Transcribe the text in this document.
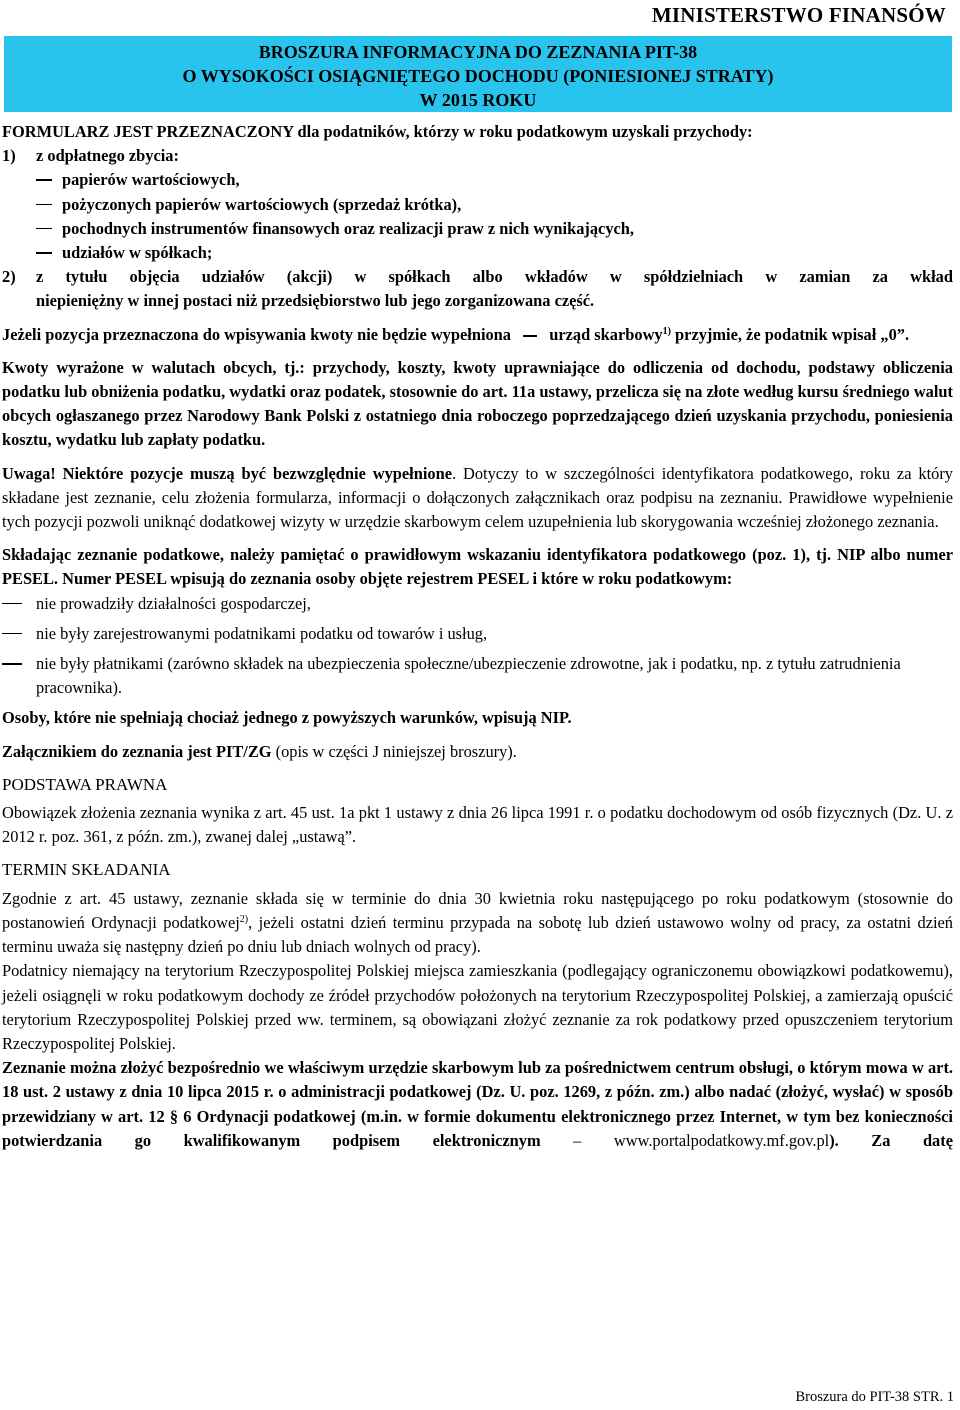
MINISTERSTWO FINANSÓW
BROSZURA INFORMACYJNA DO ZEZNANIA PIT-38
O WYSOKOŚCI OSIĄGNIĘTEGO DOCHODU (PONIESIONEJ STRATY)
W 2015 ROKU

FORMULARZ JEST PRZEZNACZONY dla podatników, którzy w roku podatkowym uzyskali przychody:

1)	z odpłatnego zbycia:
papierów wartościowych,
pożyczonych papierów wartościowych (sprzedaż krótka),
pochodnych instrumentów finansowych oraz realizacji praw z nich wynikających,
udziałów w spółkach;
2)	z tytułu objęcia udziałów (akcji) w spółkach albo wkładów w spółdzielniach w zamian za wkład
niepieniężny w innej postaci niż przedsiębiorstwo lub jego zorganizowana część.

Jeżeli pozycja przeznaczona do wpisywania kwoty nie będzie wypełniona urząd skarbowy$^{1)}$ przyjmie, że podatnik wpisał „0”.

Kwoty wyrażone w walutach obcych, tj.: przychody, koszty, kwoty uprawniające do odliczenia od dochodu, podstawy obliczenia podatku lub obniżenia podatku, wydatki oraz podatek, stosownie do art. 11a ustawy, przelicza się na złote według kursu średniego walut obcych ogłaszanego przez Narodowy Bank Polski z ostatniego dnia roboczego poprzedzającego dzień uzyskania przychodu, poniesienia kosztu, wydatku lub zapłaty podatku.

Uwaga! Niektóre pozycje muszą być bezwzględnie wypełnione. Dotyczy to w szczególności identyfikatora podatkowego, roku za który składane jest zeznanie, celu złożenia formularza, informacji o dołączonych załącznikach oraz podpisu na zeznaniu. Prawidłowe wypełnienie tych pozycji pozwoli uniknąć dodatkowej wizyty w urzędzie skarbowym celem uzupełnienia lub skorygowania wcześniej złożonego zeznania.

Składając zeznanie podatkowe, należy pamiętać o prawidłowym wskazaniu identyfikatora podatkowego (poz. 1), tj. NIP albo numer PESEL. Numer PESEL wpisują do zeznania osoby objęte rejestrem PESEL i które w roku podatkowym:

nie prowadziły działalności gospodarczej,
nie były zarejestrowanymi podatnikami podatku od towarów i usług,
nie były płatnikami (zarówno składek na ubezpieczenia społeczne/ubezpieczenie zdrowotne, jak i podatku, np. z tytułu zatrudnienia pracownika).

Osoby, które nie spełniają chociaż jednego z powyższych warunków, wpisują NIP.

Załącznikiem do zeznania jest PIT/ZG (opis w części J niniejszej broszury).

PODSTAWA PRAWNA

Obowiązek złożenia zeznania wynika z art. 45 ust. 1a pkt 1 ustawy z dnia 26 lipca 1991 r. o podatku dochodowym od osób fizycznych (Dz. U. z 2012 r. poz. 361, z późn. zm.), zwanej dalej „ustawą”.

TERMIN SKŁADANIA

Zgodnie z art. 45 ustawy, zeznanie składa się w terminie do dnia 30 kwietnia roku następującego po roku podatkowym (stosownie do postanowień Ordynacji podatkowej$^{2)}$, jeżeli ostatni dzień terminu przypada na sobotę lub dzień ustawowo wolny od pracy, za ostatni dzień terminu uważa się następny dzień po dniu lub dniach wolnych od pracy).

Podatnicy niemający na terytorium Rzeczypospolitej Polskiej miejsca zamieszkania (podlegający ograniczonemu obowiązkowi podatkowemu), jeżeli osiągnęli w roku podatkowym dochody ze źródeł przychodów położonych na terytorium Rzeczypospolitej Polskiej, a zamierzają opuścić terytorium Rzeczypospolitej Polskiej przed ww. terminem, są obowiązani złożyć zeznanie za rok podatkowy przed opuszczeniem terytorium Rzeczypospolitej Polskiej.

Zeznanie można złożyć bezpośrednio we właściwym urzędzie skarbowym lub za pośrednictwem centrum obsługi, o którym mowa w art. 18 ust. 2 ustawy z dnia 10 lipca 2015 r. o administracji podatkowej (Dz. U. poz. 1269, z późn. zm.) albo nadać (złożyć, wysłać) w sposób przewidziany w art. 12 § 6 Ordynacji podatkowej (m.in. w formie dokumentu elektronicznego przez Internet, w tym bez konieczności potwierdzania go kwalifikowanym podpisem elektronicznym – www.portalpodatkowy.mf.gov.pl). Za datę

Broszura do PIT-38 STR. 1
